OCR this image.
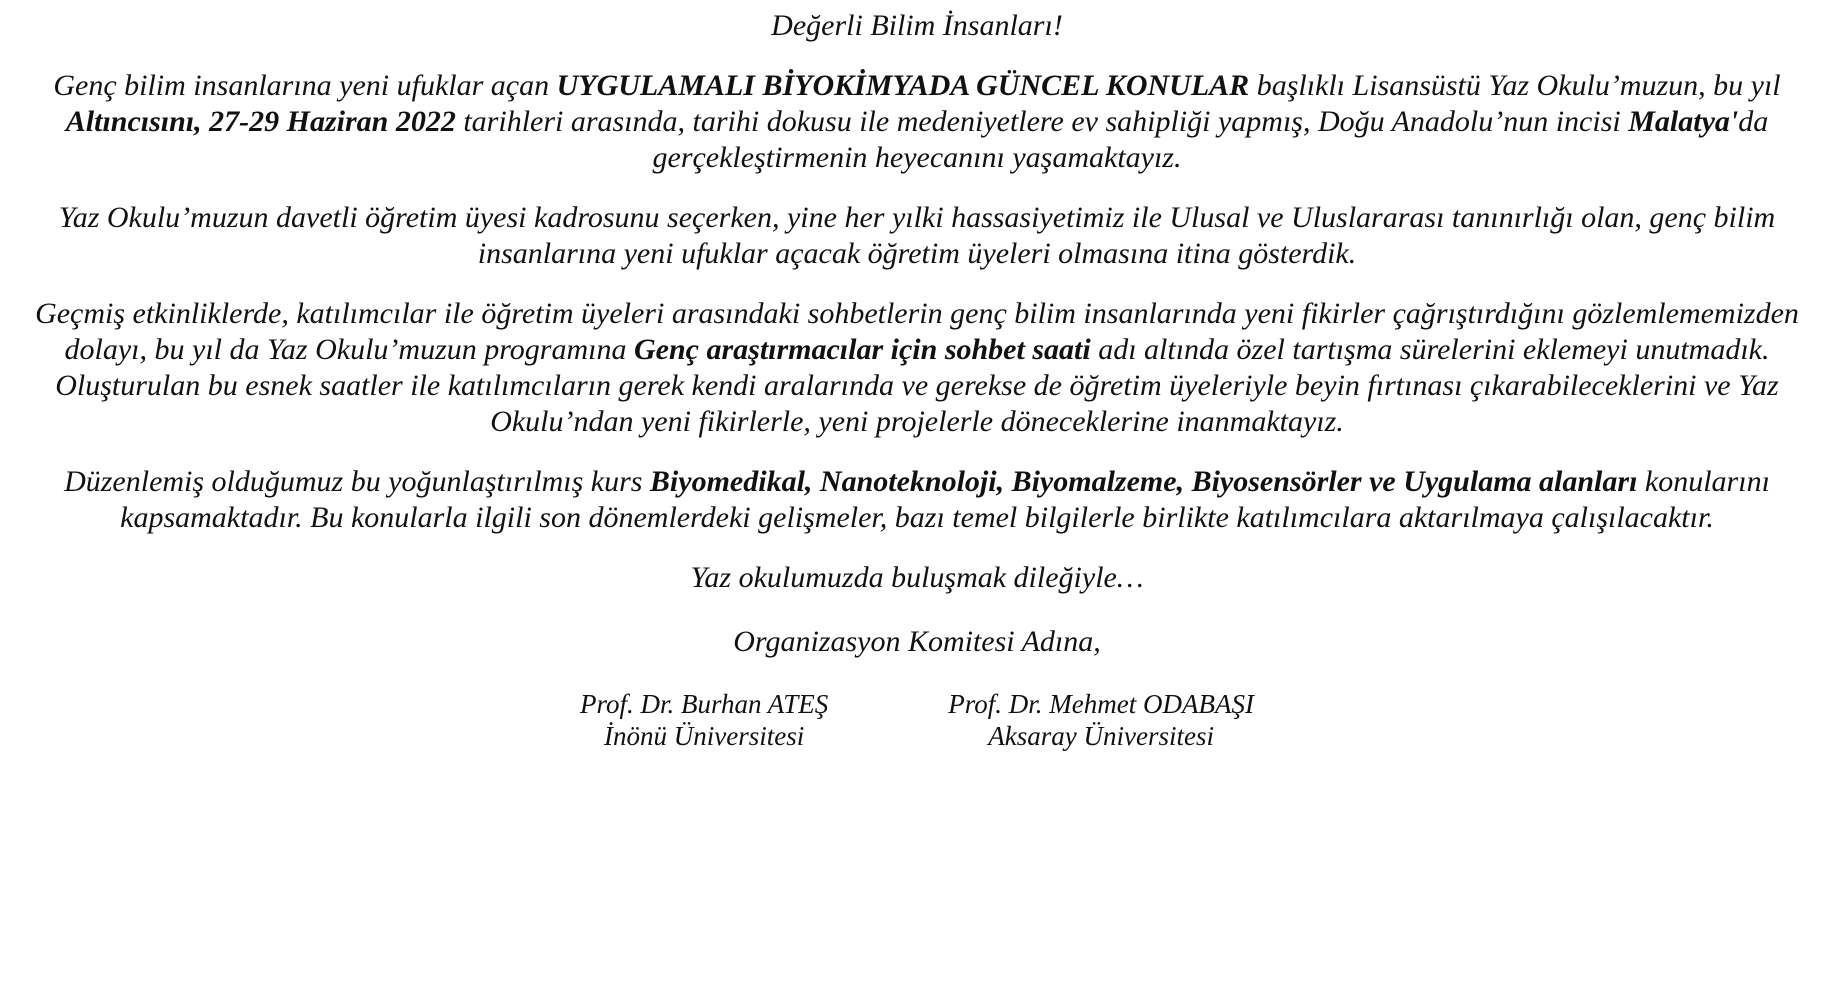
Değerli Bilim İnsanları!

Genç bilim insanlarına yeni ufuklar açan UYGULAMALI BİYOKİMYADA GÜNCEL KONULAR başlıklı Lisansüstü Yaz Okulu’muzun, bu yıl Altıncısını, 27-29 Haziran 2022 tarihleri arasında, tarihi dokusu ile medeniyetlere ev sahipliği yapmış, Doğu Anadolu’nun incisi Malatya'da gerçekleştirmenin heyecanını yaşamaktayız.

Yaz Okulu’muzun davetli öğretim üyesi kadrosunu seçerken, yine her yılki hassasiyetimiz ile Ulusal ve Uluslararası tanınırlığı olan, genç bilim insanlarına yeni ufuklar açacak öğretim üyeleri olmasına itina gösterdik.

Geçmiş etkinliklerde, katılımcılar ile öğretim üyeleri arasındaki sohbetlerin genç bilim insanlarında yeni fikirler çağrıştırdığını gözlemlememizden dolayı, bu yıl da Yaz Okulu’muzun programına Genç araştırmacılar için sohbet saati adı altında özel tartışma sürelerini eklemeyi unutmadık. Oluşturulan bu esnek saatler ile katılımcıların gerek kendi aralarında ve gerekse de öğretim üyeleriyle beyin fırtınası çıkarabileceklerini ve Yaz Okulu’ndan yeni fikirlerle, yeni projelerle döneceklerine inanmaktayız.

Düzenlemiş olduğumuz bu yoğunlaştırılmış kurs Biyomedikal, Nanoteknoloji, Biyomalzeme, Biyosensörler ve Uygulama alanları konularını kapsamaktadır. Bu konularla ilgili son dönemlerdeki gelişmeler, bazı temel bilgilerle birlikte katılımcılara aktarılmaya çalışılacaktır.

Yaz okulumuzda buluşmak dileğiyle…
Organizasyon Komitesi Adına,
Prof. Dr. Burhan ATEŞ
İnönü Üniversitesi
Prof. Dr. Mehmet ODABAŞI
Aksaray Üniversitesi
